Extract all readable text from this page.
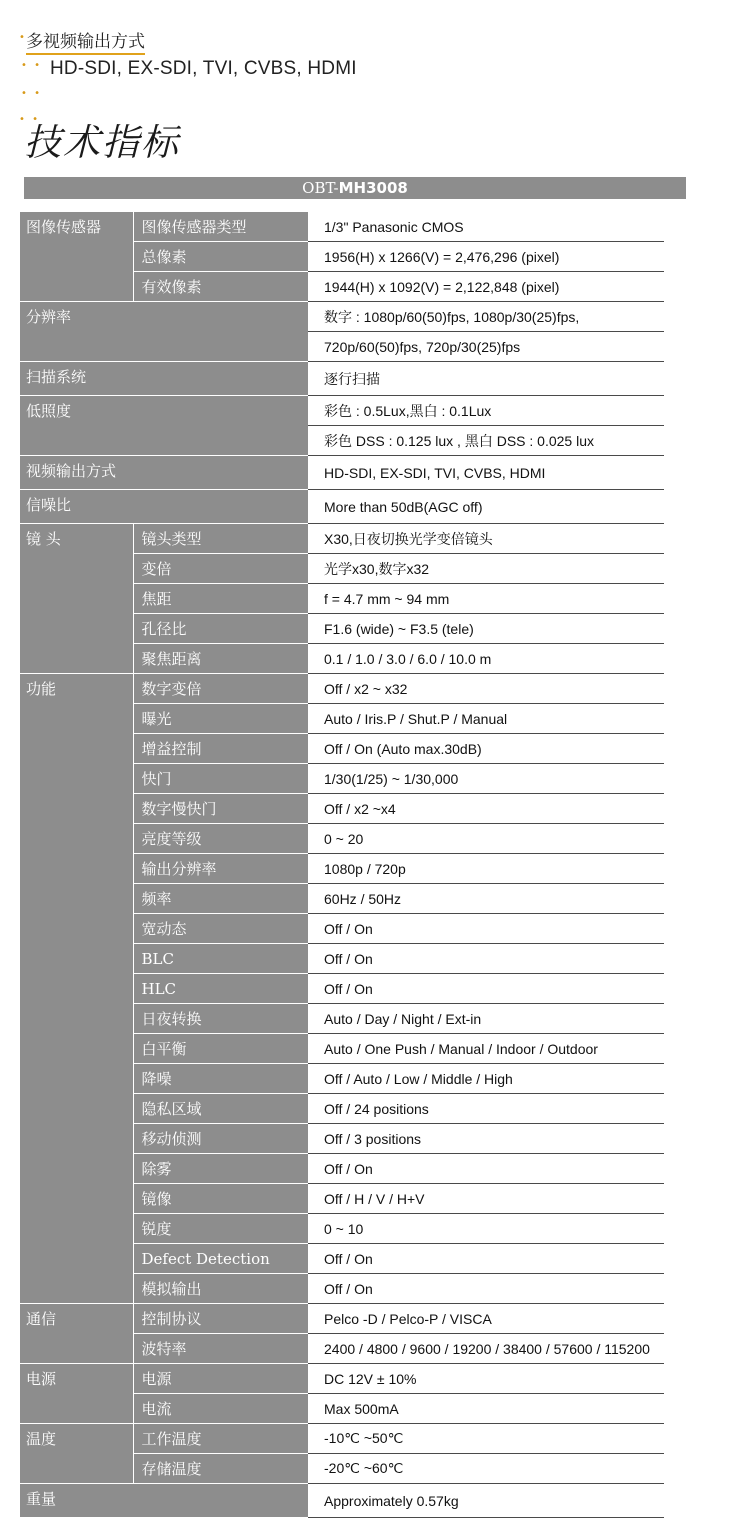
• 多视频输出方式
• • HD-SDI, EX-SDI, TVI, CVBS, HDMI
• •
• •
技术指标
OBT-MH3008
图像传感器	图像传感器类型	1/3" Panasonic CMOS
	总像素	1956(H) x 1266(V) = 2,476,296 (pixel)
	有效像素	1944(H) x 1092(V) = 2,122,848 (pixel)
分辨率		数字 : 1080p/60(50)fps, 1080p/30(25)fps,
		720p/60(50)fps, 720p/30(25)fps
扫描系统		逐行扫描
低照度		彩色 : 0.5Lux,黑白 : 0.1Lux
		彩色 DSS : 0.125 lux , 黑白 DSS : 0.025 lux
视频输出方式		HD-SDI, EX-SDI, TVI, CVBS, HDMI
信噪比		More than 50dB(AGC off)
镜 头	镜头类型	X30,日夜切换光学变倍镜头
	变倍	光学x30,数字x32
	焦距	f = 4.7 mm ~ 94 mm
	孔径比	F1.6 (wide) ~ F3.5 (tele)
	聚焦距离	0.1 / 1.0 / 3.0 / 6.0 / 10.0 m
功能	数字变倍	Off / x2 ~ x32
	曝光	Auto / Iris.P / Shut.P / Manual
	增益控制	Off / On (Auto max.30dB)
	快门	1/30(1/25) ~ 1/30,000
	数字慢快门	Off / x2 ~x4
	亮度等级	0 ~ 20
	输出分辨率	1080p / 720p
	频率	60Hz / 50Hz
	宽动态	Off / On
	BLC	Off / On
	HLC	Off / On
	日夜转换	Auto / Day / Night / Ext-in
	白平衡	Auto / One Push / Manual / Indoor / Outdoor
	降噪	Off / Auto / Low / Middle / High
	隐私区域	Off / 24 positions
	移动侦测	Off / 3 positions
	除雾	Off / On
	镜像	Off / H / V / H+V
	锐度	0 ~ 10
	Defect Detection	Off / On
	模拟输出	Off / On
通信	控制协议	Pelco -D / Pelco-P / VISCA
	波特率	2400 / 4800 / 9600 / 19200 / 38400 / 57600 / 115200
电源	电源	DC 12V ± 10%
	电流	Max 500mA
温度	工作温度	-10℃ ~50℃
	存储温度	-20℃ ~60℃
重量		Approximately 0.57kg
